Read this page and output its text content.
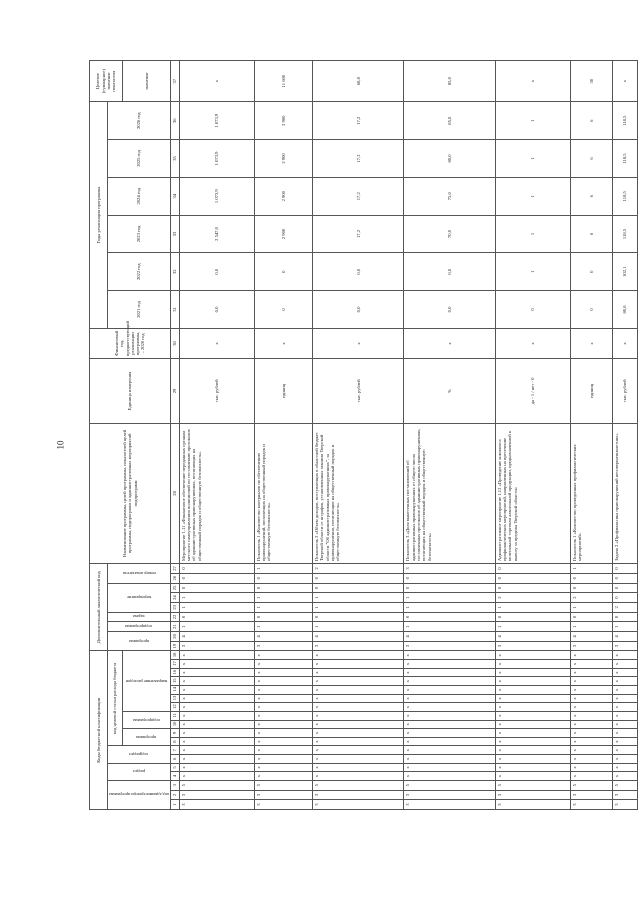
10
Коды бюджетной классификации																		Дополнительный аналитический код									Наименование программы, целей программы, показателей целей программы, подпрограмм и административных мероприятий подпрограмм	Единица измерения	Финансовый год, предшествующий реализации программы, – 2020 год	Годы реализации программы						Целевое (суммарное) значение показателя

код администратора программы			раздел		подраздел		код целевой статьи расхода бюджета											программа		подпрограмма	задача	мероприятие			номер показателя					2021 год	2022 год	2023 год	2024 год	2025 год	2026 год	

							программа		подпрограмма		направление расходов																									значение
1	2	3	4	5	6	7	8	9	10	11	12	13	14	15	16	17	18	19	20	21	22	23	24	25	26	27	28	29	30	31	32	33	34	35	36	37
3	3	5	х	х	х	х	х	х	х	х	х	х	х	х	х	х	х	3	4	1	0	1	1	0	0	0	Мероприятие 1.11 «Финансовое обеспечение переданных органам местного самоуправления полномочий по составлению протоколов об административных правонарушениях, посягающих на общественный порядок и общественную безопасность»	тыс. рублей	х	0,0	0,0	2 547,0	1 073,9	1 073,9	1 073,9	х
3	3	5	х	х	х	х	х	х	х	х	х	х	х	х	х	х	х	3	4	1	0	1	1	0	0	1	Показатель 1 «Количество материалов по обеспечению правонарушений, посягающих на общественный порядок и общественную безопасность»	единиц	х	0	0	2 900	2 900	2 900	2 900	11 600
3	3	5	х	х	х	х	х	х	х	х	х	х	х	х	х	х	х	3	4	1	0	1	1	0	0	2	Показатель 2 «Объем доходов, поступающих в областной бюджет Тверской области от штрафов, установленных законом Тверской области "Об административных правонарушениях", за правонарушения, посягающие на общественный порядок и общественную безопасность»	тыс. рублей	х	0,0	0,0	17,2	17,2	17,2	17,2	68,8
3	3	5	х	х	х	х	х	х	х	х	х	х	х	х	х	х	х	3	4	1	0	1	1	0	0	3	Показатель 3 «Доля вынесенных постановлений об административных правонарушениях от общего числа составленных протоколов об административных правонарушениях, посягающих на общественный порядок и общественную безопасность»	%	х	0,0	0,0	70,0	75,0	80,0	85,0	85,0
3	3	5	х	х	х	х	х	х	х	х	х	х	х	х	х	х	х	3	4	1	0	1	2	0	0	0	Административное мероприятие 1.12 «Проведение комплекса профилактических мероприятий, направленных на пресечение нелегальной торговли алкогольной продукции, предназначенной к вывозу за пределы Тверской области»	да - 1 / нет - 0	х	0	1	1	1	1	1	х
3	3	5	х	х	х	х	х	х	х	х	х	х	х	х	х	х	х	3	4	1	0	1	2	0	0	1	Показатель 1 «Количество проведенных профилактических мероприятий»	единиц	х	0	0	6	6	6	6	30
3	3	5	х	х	х	х	х	х	х	х	х	х	х	х	х	х	х	3	4	1	0	2	0	0	0	0	Задача 2 «Профилактика правонарушений несовершеннолетних»	тыс. рублей	х	80,8	102,1	118,5	118,5	118,5	118,5	х
